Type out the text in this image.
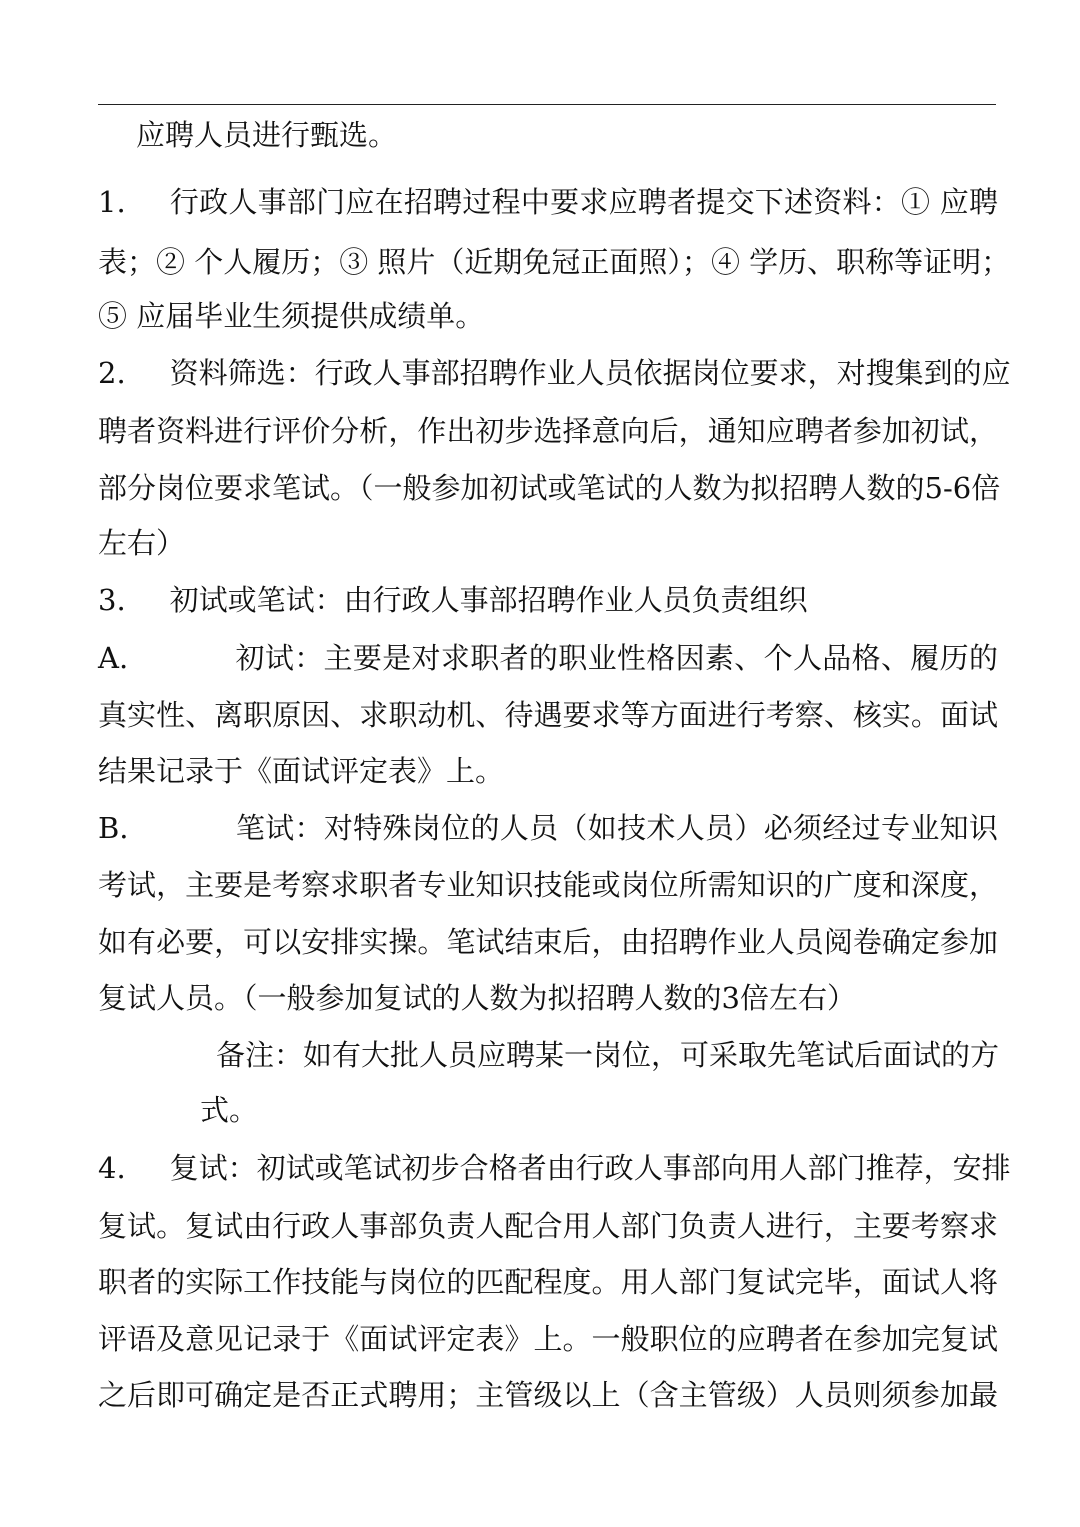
应聘人员进行甄选。
1. 行政人事部门应在招聘过程中要求应聘者提交下述资料：① 应聘
表；② 个人履历；③ 照片（近期免冠正面照）；④ 学历、职称等证明；
⑤ 应届毕业生须提供成绩单。
2. 资料筛选：行政人事部招聘作业人员依据岗位要求，对搜集到的应
聘者资料进行评价分析，作出初步选择意向后，通知应聘者参加初试，
部分岗位要求笔试。（一般参加初试或笔试的人数为拟招聘人数的5-6倍
左右）
3. 初试或笔试：由行政人事部招聘作业人员负责组织
A.	初试：主要是对求职者的职业性格因素、个人品格、履历的
真实性、离职原因、求职动机、待遇要求等方面进行考察、核实。面试
结果记录于《面试评定表》上。
B.	笔试：对特殊岗位的人员（如技术人员）必须经过专业知识
考试，主要是考察求职者专业知识技能或岗位所需知识的广度和深度，
如有必要，可以安排实操。笔试结束后，由招聘作业人员阅卷确定参加
复试人员。（一般参加复试的人数为拟招聘人数的3倍左右）
备注：如有大批人员应聘某一岗位，可采取先笔试后面试的方
式。
4. 复试：初试或笔试初步合格者由行政人事部向用人部门推荐，安排
复试。复试由行政人事部负责人配合用人部门负责人进行，主要考察求
职者的实际工作技能与岗位的匹配程度。用人部门复试完毕，面试人将
评语及意见记录于《面试评定表》上。一般职位的应聘者在参加完复试
之后即可确定是否正式聘用；主管级以上（含主管级）人员则须参加最
